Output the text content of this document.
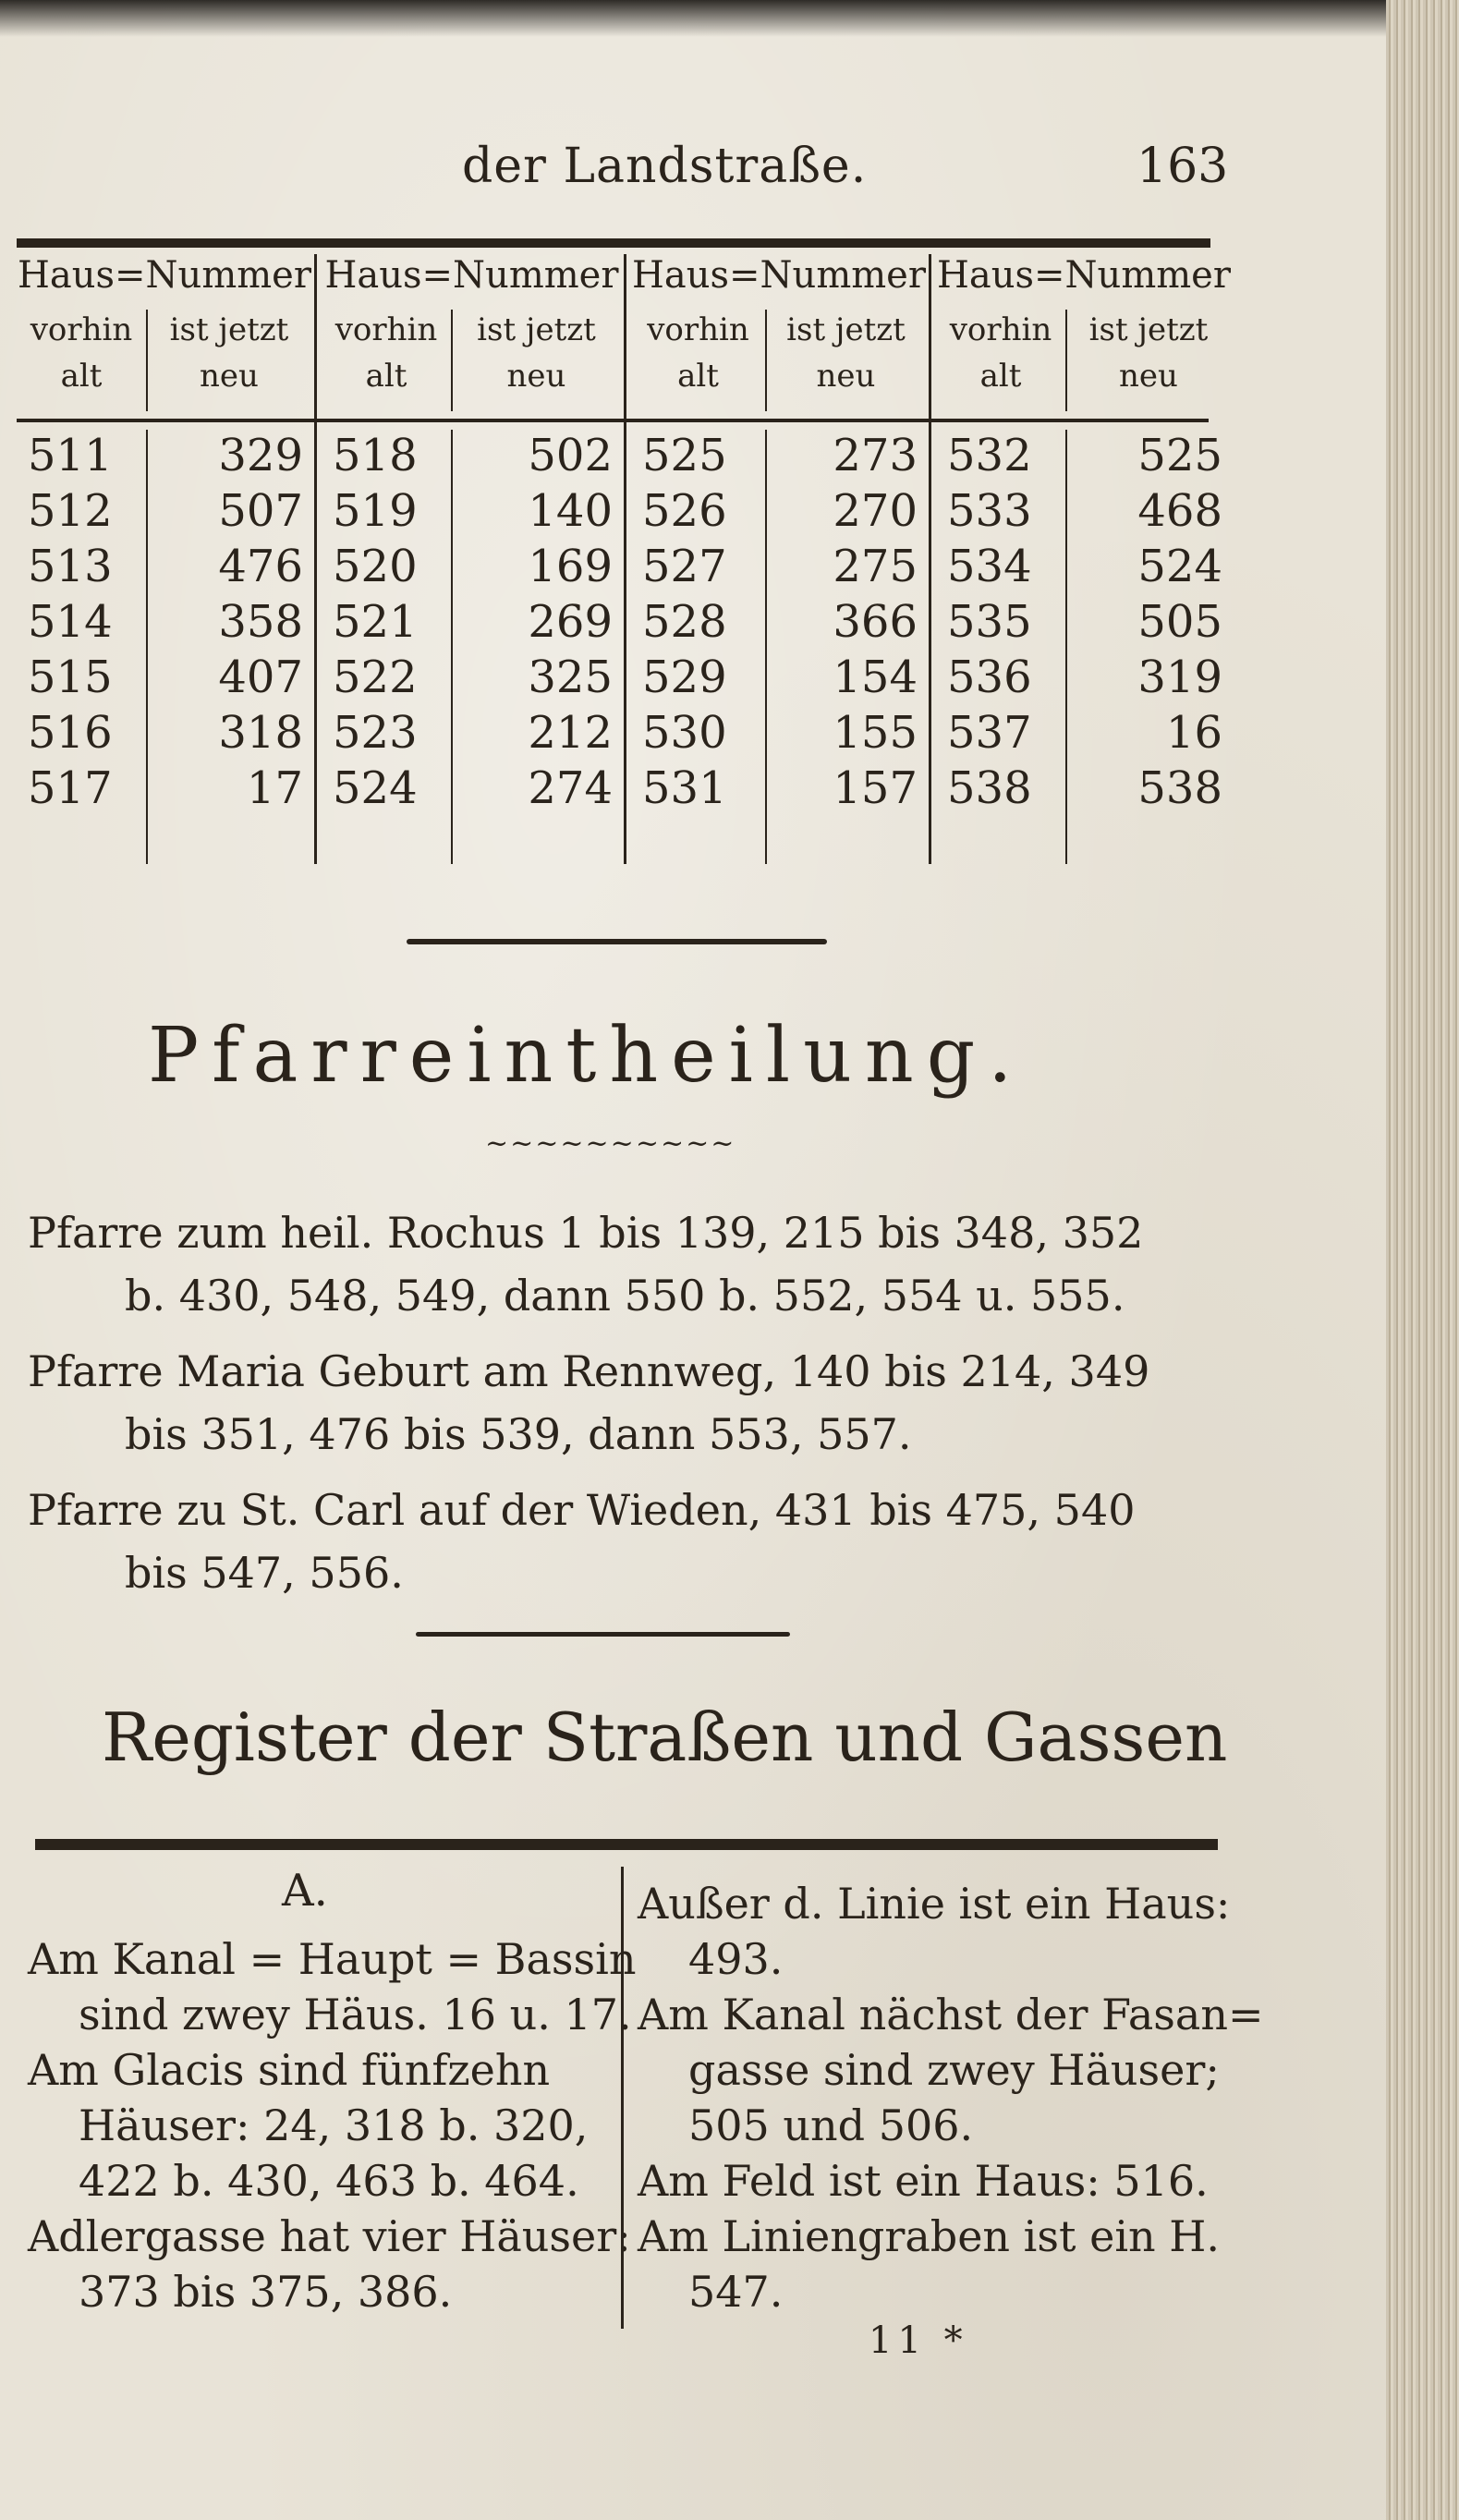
der Landstraße.	163
Haus=Nummer
vorhin
alt
ist jetzt
neu
511	329
512	507
513	476
514	358
515	407
516	318
517	17
Haus=Nummer
vorhin
alt
ist jetzt
neu
518	502
519	140
520	169
521	269
522	325
523	212
524	274
Haus=Nummer
vorhin
alt
ist jetzt
neu
525	273
526	270
527	275
528	366
529	154
530	155
531	157
Haus=Nummer
vorhin
alt
ist jetzt
neu
532	525
533	468
534	524
535	505
536	319
537	16
538	538
Pfarreintheilung.
~~~~~~~~~~
Pfarre zum heil. Rochus 1 bis 139, 215 bis 348, 352
b. 430, 548, 549, dann 550 b. 552, 554 u. 555.
Pfarre Maria Geburt am Rennweg, 140 bis 214, 349
bis 351, 476 bis 539, dann 553, 557.
Pfarre zu St. Carl auf der Wieden, 431 bis 475, 540
bis 547, 556.
Register der Straßen und Gassen
A.
Am Kanal = Haupt = Bassin
sind zwey Häus. 16 u. 17.
Am Glacis sind fünfzehn
Häuser: 24, 318 b. 320,
422 b. 430, 463 b. 464.
Adlergasse hat vier Häuser:
373 bis 375, 386.
Außer d. Linie ist ein Haus:
493.
Am Kanal nächst der Fasan=
gasse sind zwey Häuser;
505 und 506.
Am Feld ist ein Haus: 516.
Am Liniengraben ist ein H.
547.
11 *
